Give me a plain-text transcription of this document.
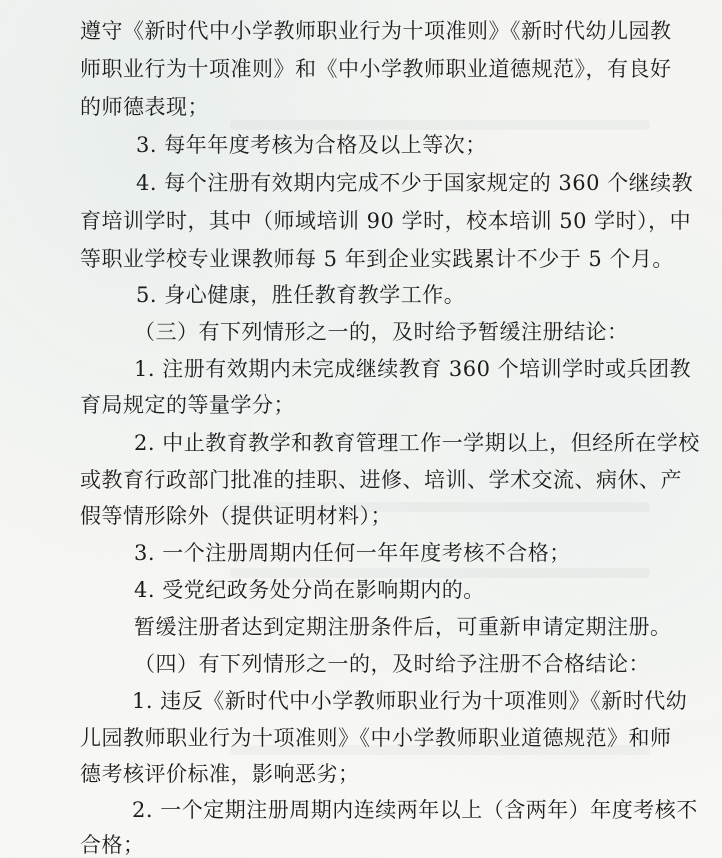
遵守《新时代中小学教师职业行为十项准则》《新时代幼儿园教
师职业行为十项准则》和《中小学教师职业道德规范》，有良好
的师德表现；
3. 每年年度考核为合格及以上等次；
4. 每个注册有效期内完成不少于国家规定的 360 个继续教
育培训学时，其中（师域培训 90 学时，校本培训 50 学时），中
等职业学校专业课教师每 5 年到企业实践累计不少于 5 个月。
5. 身心健康，胜任教育教学工作。
（三）有下列情形之一的，及时给予暂缓注册结论：
1. 注册有效期内未完成继续教育 360 个培训学时或兵团教
育局规定的等量学分；
2. 中止教育教学和教育管理工作一学期以上，但经所在学校
或教育行政部门批准的挂职、进修、培训、学术交流、病休、产
假等情形除外（提供证明材料）；
3. 一个注册周期内任何一年年度考核不合格；
4. 受党纪政务处分尚在影响期内的。
暂缓注册者达到定期注册条件后，可重新申请定期注册。
（四）有下列情形之一的，及时给予注册不合格结论：
1. 违反《新时代中小学教师职业行为十项准则》《新时代幼
儿园教师职业行为十项准则》《中小学教师职业道德规范》和师
德考核评价标准，影响恶劣；
2. 一个定期注册周期内连续两年以上（含两年）年度考核不
合格；
